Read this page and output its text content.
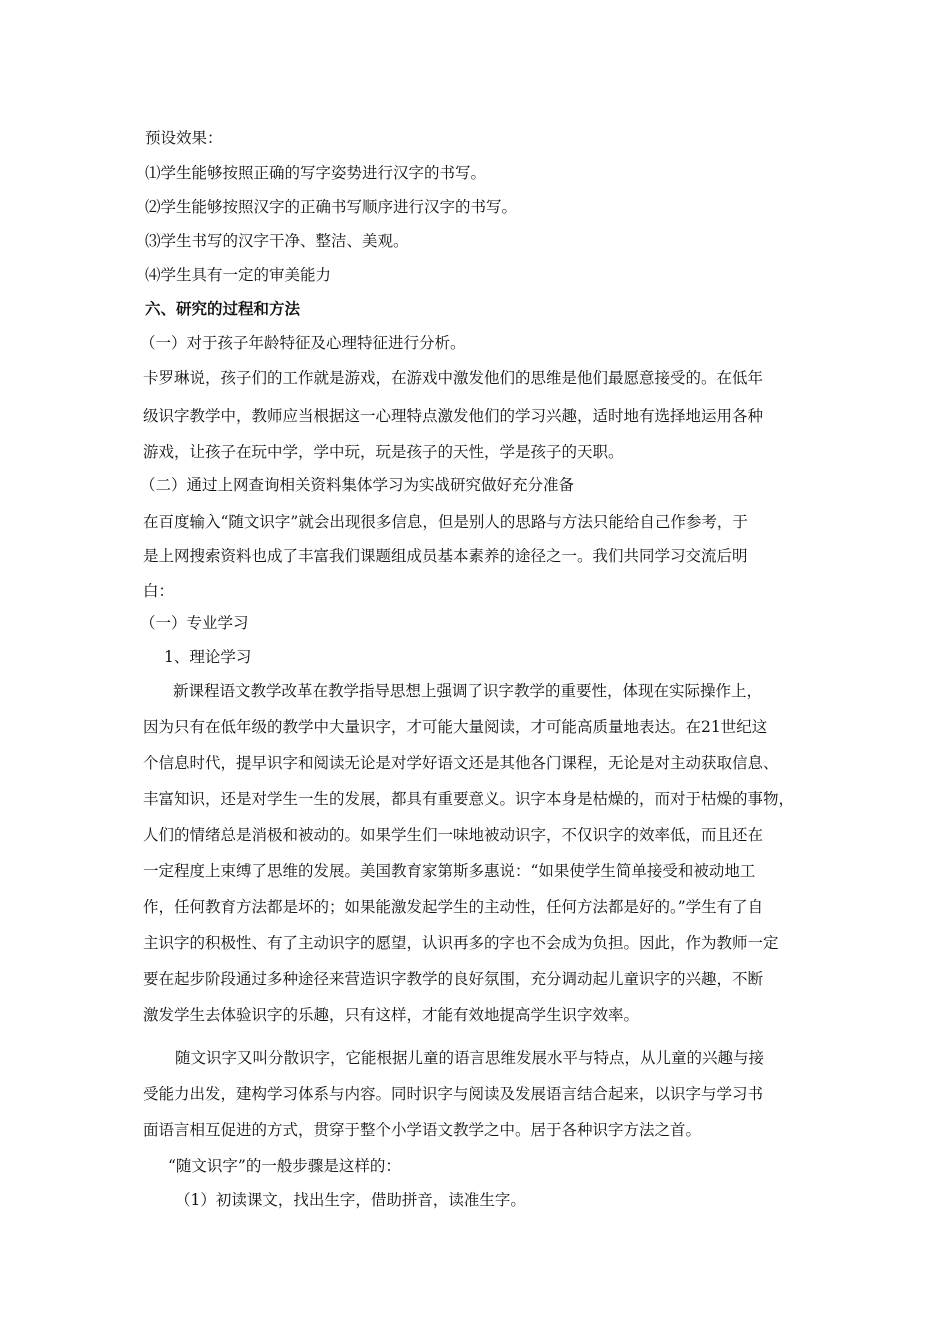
预设效果：
⑴学生能够按照正确的写字姿势进行汉字的书写。
⑵学生能够按照汉字的正确书写顺序进行汉字的书写。
⑶学生书写的汉字干净、整洁、美观。
⑷学生具有一定的审美能力
六、研究的过程和方法
（一）对于孩子年龄特征及心理特征进行分析。
卡罗琳说，孩子们的工作就是游戏，在游戏中激发他们的思维是他们最愿意接受的。在低年
级识字教学中，教师应当根据这一心理特点激发他们的学习兴趣，适时地有选择地运用各种
游戏，让孩子在玩中学，学中玩，玩是孩子的天性，学是孩子的天职。
（二）通过上网查询相关资料集体学习为实战研究做好充分准备
在百度输入“随文识字”就会出现很多信息，但是别人的思路与方法只能给自己作参考，于
是上网搜索资料也成了丰富我们课题组成员基本素养的途径之一。我们共同学习交流后明
白：
（一）专业学习
1、理论学习
新课程语文教学改革在教学指导思想上强调了识字教学的重要性，体现在实际操作上，
因为只有在低年级的教学中大量识字，才可能大量阅读，才可能高质量地表达。在21世纪这
个信息时代，提早识字和阅读无论是对学好语文还是其他各门课程，无论是对主动获取信息、
丰富知识，还是对学生一生的发展，都具有重要意义。识字本身是枯燥的，而对于枯燥的事物，
人们的情绪总是消极和被动的。如果学生们一味地被动识字，不仅识字的效率低，而且还在
一定程度上束缚了思维的发展。美国教育家第斯多惠说：“如果使学生简单接受和被动地工
作，任何教育方法都是坏的；如果能激发起学生的主动性，任何方法都是好的。”学生有了自
主识字的积极性、有了主动识字的愿望，认识再多的字也不会成为负担。因此，作为教师一定
要在起步阶段通过多种途径来营造识字教学的良好氛围，充分调动起儿童识字的兴趣，不断
激发学生去体验识字的乐趣，只有这样，才能有效地提高学生识字效率。
随文识字又叫分散识字，它能根据儿童的语言思维发展水平与特点，从儿童的兴趣与接
受能力出发，建构学习体系与内容。同时识字与阅读及发展语言结合起来，以识字与学习书
面语言相互促进的方式，贯穿于整个小学语文教学之中。居于各种识字方法之首。
“随文识字”的一般步骤是这样的：
（1）初读课文，找出生字，借助拼音，读准生字。
